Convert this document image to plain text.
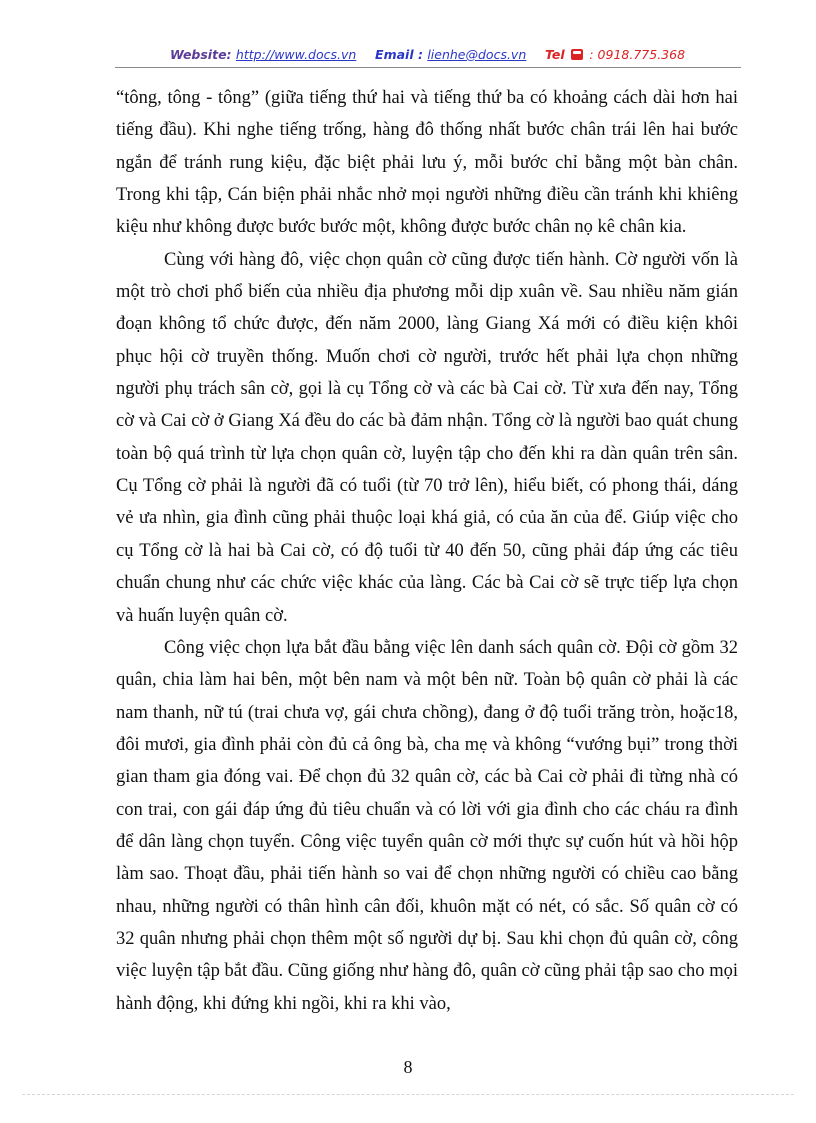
Website: http://www.docs.vn Email : lienhe@docs.vn Tel : 0918.775.368

“tông, tông - tông” (giữa tiếng thứ hai và tiếng thứ ba có khoảng cách dài hơn hai tiếng đầu). Khi nghe tiếng trống, hàng đô thống nhất bước chân trái lên hai bước ngắn để tránh rung kiệu, đặc biệt phải lưu ý, mỗi bước chỉ bằng một bàn chân. Trong khi tập, Cán biện phải nhắc nhở mọi người những điều cần tránh khi khiêng kiệu như không được bước bước một, không được bước chân nọ kê chân kia.

Cùng với hàng đô, việc chọn quân cờ cũng được tiến hành. Cờ người vốn là một trò chơi phổ biến của nhiều địa phương mỗi dịp xuân về. Sau nhiều năm gián đoạn không tổ chức được, đến năm 2000, làng Giang Xá mới có điều kiện khôi phục hội cờ truyền thống. Muốn chơi cờ người, trước hết phải lựa chọn những người phụ trách sân cờ, gọi là cụ Tổng cờ và các bà Cai cờ. Từ xưa đến nay, Tổng cờ và Cai cờ ở Giang Xá đều do các bà đảm nhận. Tổng cờ là người bao quát chung toàn bộ quá trình từ lựa chọn quân cờ, luyện tập cho đến khi ra dàn quân trên sân. Cụ Tổng cờ phải là người đã có tuổi (từ 70 trở lên), hiểu biết, có phong thái, dáng vẻ ưa nhìn, gia đình cũng phải thuộc loại khá giả, có của ăn của để. Giúp việc cho cụ Tổng cờ là hai bà Cai cờ, có độ tuổi từ 40 đến 50, cũng phải đáp ứng các tiêu chuẩn chung như các chức việc khác của làng. Các bà Cai cờ sẽ trực tiếp lựa chọn và huấn luyện quân cờ.

Công việc chọn lựa bắt đầu bằng việc lên danh sách quân cờ. Đội cờ gồm 32 quân, chia làm hai bên, một bên nam và một bên nữ. Toàn bộ quân cờ phải là các nam thanh, nữ tú (trai chưa vợ, gái chưa chồng), đang ở độ tuổi trăng tròn, hoặc18, đôi mươi, gia đình phải còn đủ cả ông bà, cha mẹ và không “vướng bụi” trong thời gian tham gia đóng vai. Để chọn đủ 32 quân cờ, các bà Cai cờ phải đi từng nhà có con trai, con gái đáp ứng đủ tiêu chuẩn và có lời với gia đình cho các cháu ra đình để dân làng chọn tuyển. Công việc tuyển quân cờ mới thực sự cuốn hút và hồi hộp làm sao. Thoạt đầu, phải tiến hành so vai để chọn những người có chiều cao bằng nhau, những người có thân hình cân đối, khuôn mặt có nét, có sắc. Số quân cờ có 32 quân nhưng phải chọn thêm một số người dự bị. Sau khi chọn đủ quân cờ, công việc luyện tập bắt đầu. Cũng giống như hàng đô, quân cờ cũng phải tập sao cho mọi hành động, khi đứng khi ngồi, khi ra khi vào,

8
